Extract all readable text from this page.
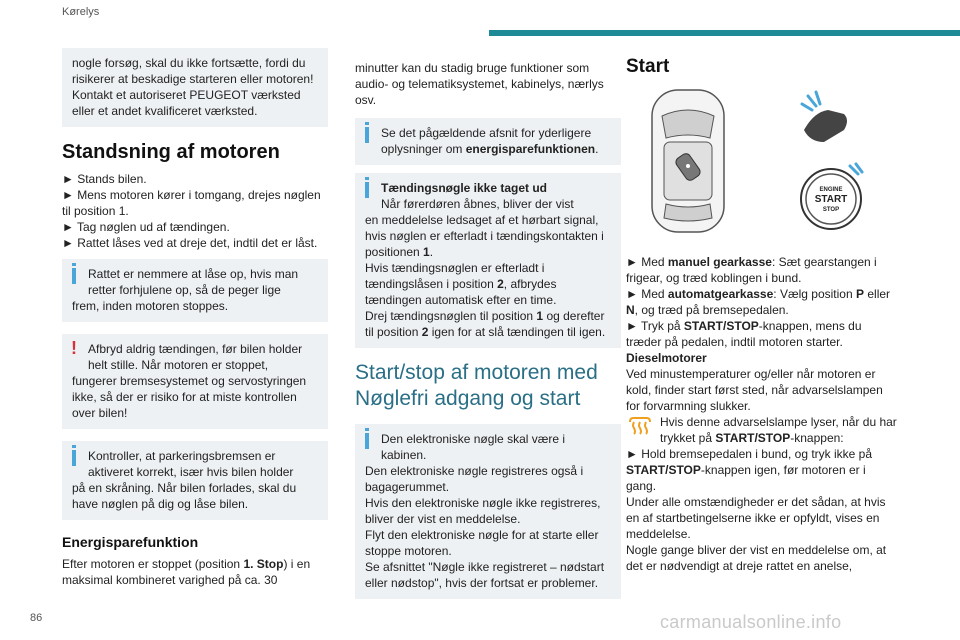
Kørelys

nogle forsøg, skal du ikke fortsætte, fordi du risikerer at beskadige starteren eller motoren! Kontakt et autoriseret PEUGEOT værksted eller et andet kvalificeret værksted.

Standsning af motoren

► Stands bilen.

► Mens motoren kører i tomgang, drejes nøglen til position 1.

► Tag nøglen ud af tændingen.

► Rattet låses ved at dreje det, indtil det er låst.

Rattet er nemmere at låse op, hvis man retter forhjulene op, så de peger lige

frem, inden motoren stoppes.

! Afbryd aldrig tændingen, før bilen holder helt stille. Når motoren er stoppet,

fungerer bremsesystemet og servostyringen ikke, så der er risiko for at miste kontrollen over bilen!

Kontroller, at parkeringsbremsen er aktiveret korrekt, især hvis bilen holder

på en skråning. Når bilen forlades, skal du have nøglen på dig og låse bilen.

Energisparefunktion

Efter motoren er stoppet (position 1. Stop) i en maksimal kombineret varighed på ca. 30

minutter kan du stadig bruge funktioner som audio- og telematiksystemet, kabinelys, nærlys osv.

Se det pågældende afsnit for yderligere oplysninger om energisparefunktionen.

Tændingsnøgle ikke taget ud

Når førerdøren åbnes, bliver der vist

en meddelelse ledsaget af et hørbart signal, hvis nøglen er efterladt i tændingskontakten i positionen 1.

Hvis tændingsnøglen er efterladt i tændingslåsen i position 2, afbrydes tændingen automatisk efter en time.

Drej tændingsnøglen til position 1 og derefter til position 2 igen for at slå tændingen til igen.

Start/stop af motoren med Nøglefri adgang og start

Den elektroniske nøgle skal være i kabinen.

Den elektroniske nøgle registreres også i bagagerummet.

Hvis den elektroniske nøgle ikke registreres, bliver der vist en meddelelse.

Flyt den elektroniske nøgle for at starte eller stoppe motoren.

Se afsnittet "Nøgle ikke registreret – nødstart eller nødstop", hvis der fortsat er problemer.

Start
ENGINE
START
STOP

► Med manuel gearkasse: Sæt gearstangen i frigear, og træd koblingen i bund.

► Med automatgearkasse: Vælg position P eller N, og træd på bremsepedalen.

► Tryk på START/STOP-knappen, mens du træder på pedalen, indtil motoren starter.

Dieselmotorer

Ved minustemperaturer og/eller når motoren er kold, finder start først sted, når advarselslampen for forvarmning slukker.

Hvis denne advarselslampe lyser, når du har trykket på START/STOP-knappen:

► Hold bremsepedalen i bund, og tryk ikke på START/STOP-knappen igen, før motoren er i gang.

Under alle omstændigheder er det sådan, at hvis en af startbetingelserne ikke er opfyldt, vises en meddelelse.

Nogle gange bliver der vist en meddelelse om, at det er nødvendigt at dreje rattet en anelse,

86	carmanualsonline.info
